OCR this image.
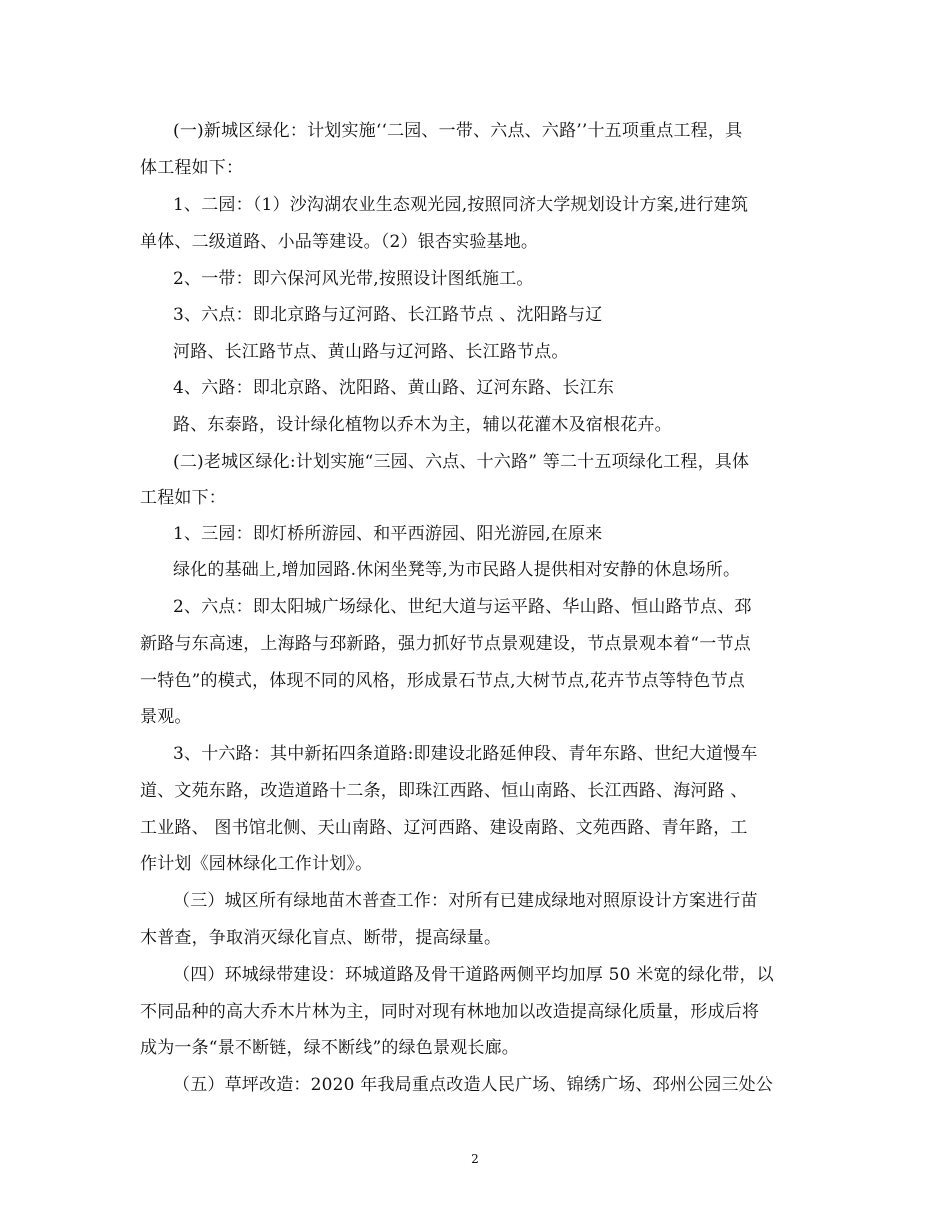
(一)新城区绿化：计划实施‘‘二园、一带、六点、六路’’十五项重点工程，具
体工程如下：
1、二园：（1）沙沟湖农业生态观光园,按照同济大学规划设计方案,进行建筑
单体、二级道路、小品等建设。（2）银杏实验基地。
2、一带：即六保河风光带,按照设计图纸施工。
3、六点：即北京路与辽河路、长江路节点 、沈阳路与辽
河路、长江路节点、黄山路与辽河路、长江路节点。
4、六路：即北京路、沈阳路、黄山路、辽河东路、长江东
路、东泰路，设计绿化植物以乔木为主，辅以花灌木及宿根花卉。
(二)老城区绿化:计划实施“三园、六点、十六路” 等二十五项绿化工程，具体
工程如下：
1、三园：即灯桥所游园、和平西游园、阳光游园,在原来
绿化的基础上,增加园路.休闲坐凳等,为市民路人提供相对安静的休息场所。
2、六点：即太阳城广场绿化、世纪大道与运平路、华山路、恒山路节点、邳
新路与东高速，上海路与邳新路，强力抓好节点景观建设，节点景观本着“一节点
一特色”的模式，体现不同的风格，形成景石节点,大树节点,花卉节点等特色节点
景观。
3、十六路：其中新拓四条道路:即建设北路延伸段、青年东路、世纪大道慢车
道、文苑东路，改造道路十二条，即珠江西路、恒山南路、长江西路、海河路 、
工业路、 图书馆北侧、天山南路、辽河西路、建设南路、文苑西路、青年路，工
作计划《园林绿化工作计划》。
（三）城区所有绿地苗木普查工作：对所有已建成绿地对照原设计方案进行苗
木普查，争取消灭绿化盲点、断带，提高绿量。
（四）环城绿带建设：环城道路及骨干道路两侧平均加厚 50 米宽的绿化带，以
不同品种的高大乔木片林为主，同时对现有林地加以改造提高绿化质量，形成后将
成为一条“景不断链，绿不断线”的绿色景观长廊。
（五）草坪改造：2020 年我局重点改造人民广场、锦绣广场、邳州公园三处公
2
